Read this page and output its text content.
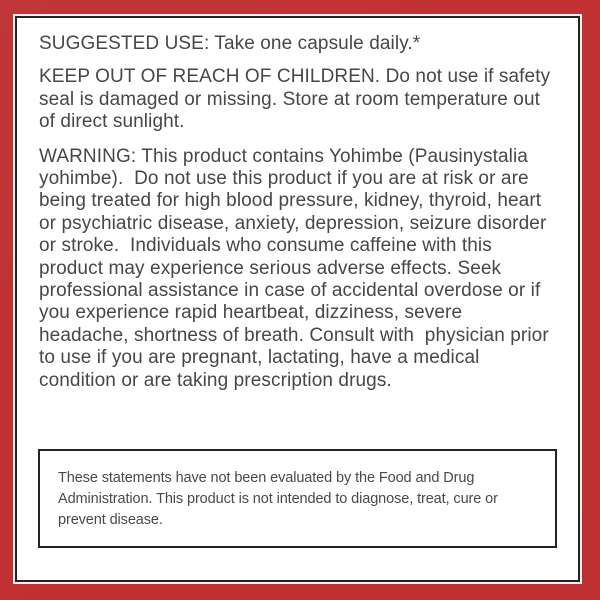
SUGGESTED USE: Take one capsule daily.*

KEEP OUT OF REACH OF CHILDREN. Do not use if safety seal is damaged or missing. Store at room temperature out of direct sunlight.

WARNING: This product contains Yohimbe (Pausinystalia yohimbe).  Do not use this product if you are at risk or are being treated for high blood pressure, kidney, thyroid, heart or psychiatric disease, anxiety, depression, seizure disorder or stroke.  Individuals who consume caffeine with this product may experience serious adverse effects. Seek professional assistance in case of accidental overdose or if you experience rapid heartbeat, dizziness, severe headache, shortness of breath. Consult with  physician prior to use if you are pregnant, lactating, have a medical condition or are taking prescription drugs.

These statements have not been evaluated by the Food and Drug Administration. This product is not intended to diagnose, treat, cure or prevent disease.
